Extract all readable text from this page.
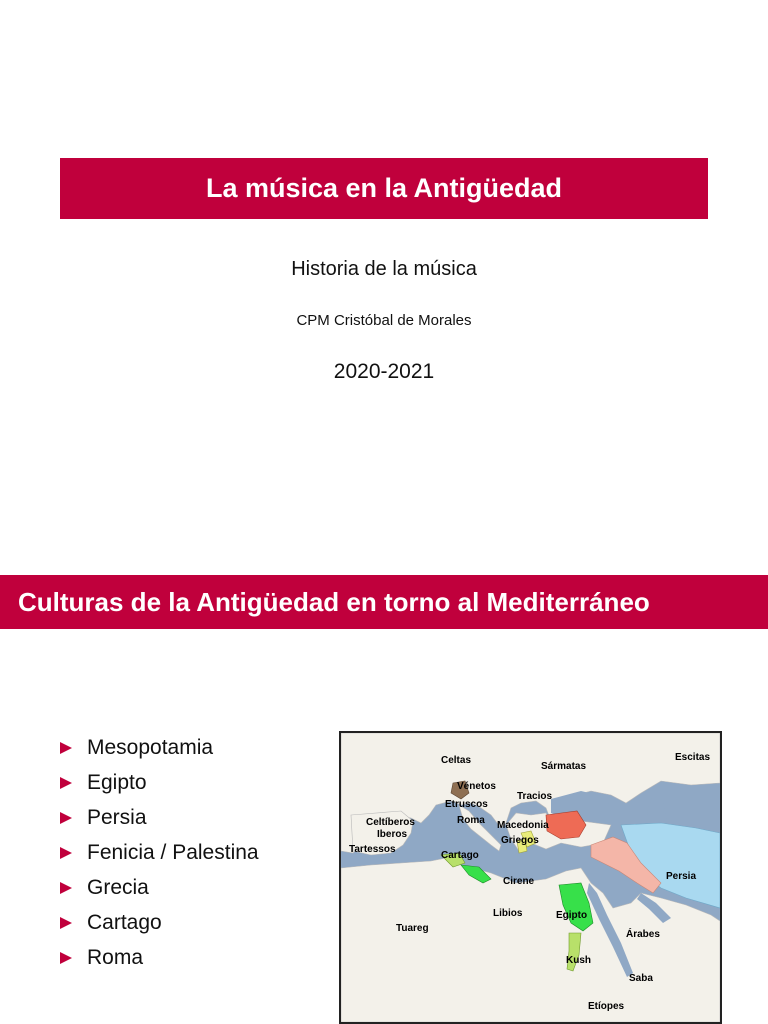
La música en la Antigüedad
Historia de la música
CPM Cristóbal de Morales
2020-2021
Culturas de la Antigüedad en torno al Mediterráneo
Mesopotamia
Egipto
Persia
Fenicia / Palestina
Grecia
Cartago
Roma
Celtas
Vénetos
Sármatas
Escitas
Tracios
Etruscos
Celtíberos	Roma Macedonia
Iberos
Griegos
Tartessos
Cartago
Persia
Cirene
Libios	Egipto
Tuareg
Árabes
Kush
Saba
Etíopes
